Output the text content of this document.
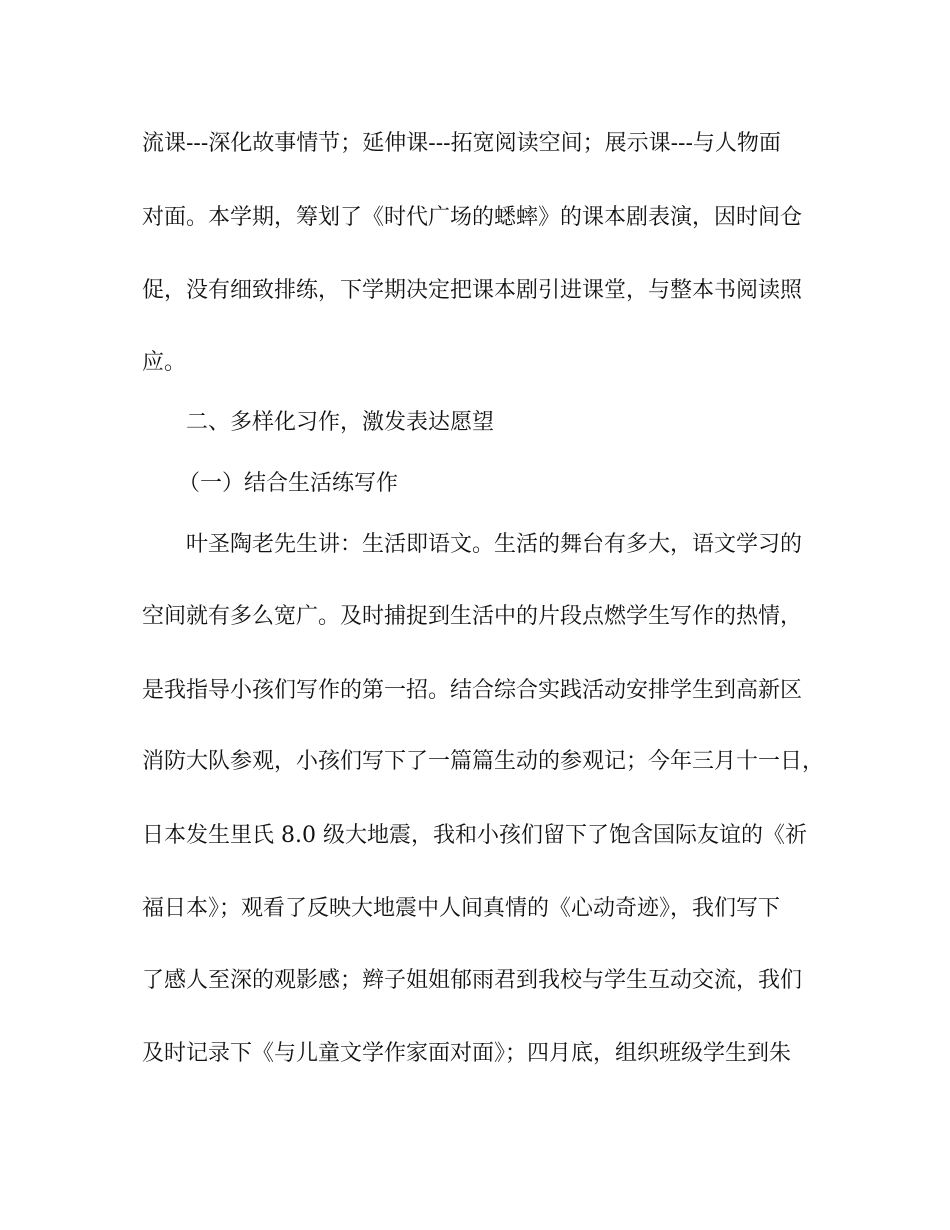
流课---深化故事情节；延伸课---拓宽阅读空间；展示课---与人物面
对面。本学期，筹划了《时代广场的蟋蟀》的课本剧表演，因时间仓
促，没有细致排练，下学期决定把课本剧引进课堂，与整本书阅读照
应。
二、多样化习作，激发表达愿望
（一）结合生活练写作
叶圣陶老先生讲：生活即语文。生活的舞台有多大，语文学习的
空间就有多么宽广。及时捕捉到生活中的片段点燃学生写作的热情，
是我指导小孩们写作的第一招。结合综合实践活动安排学生到高新区
消防大队参观，小孩们写下了一篇篇生动的参观记；今年三月十一日，
日本发生里氏 8.0 级大地震，我和小孩们留下了饱含国际友谊的《祈
福日本》；观看了反映大地震中人间真情的《心动奇迹》，我们写下
了感人至深的观影感；辫子姐姐郁雨君到我校与学生互动交流，我们
及时记录下《与儿童文学作家面对面》；四月底，组织班级学生到朱
